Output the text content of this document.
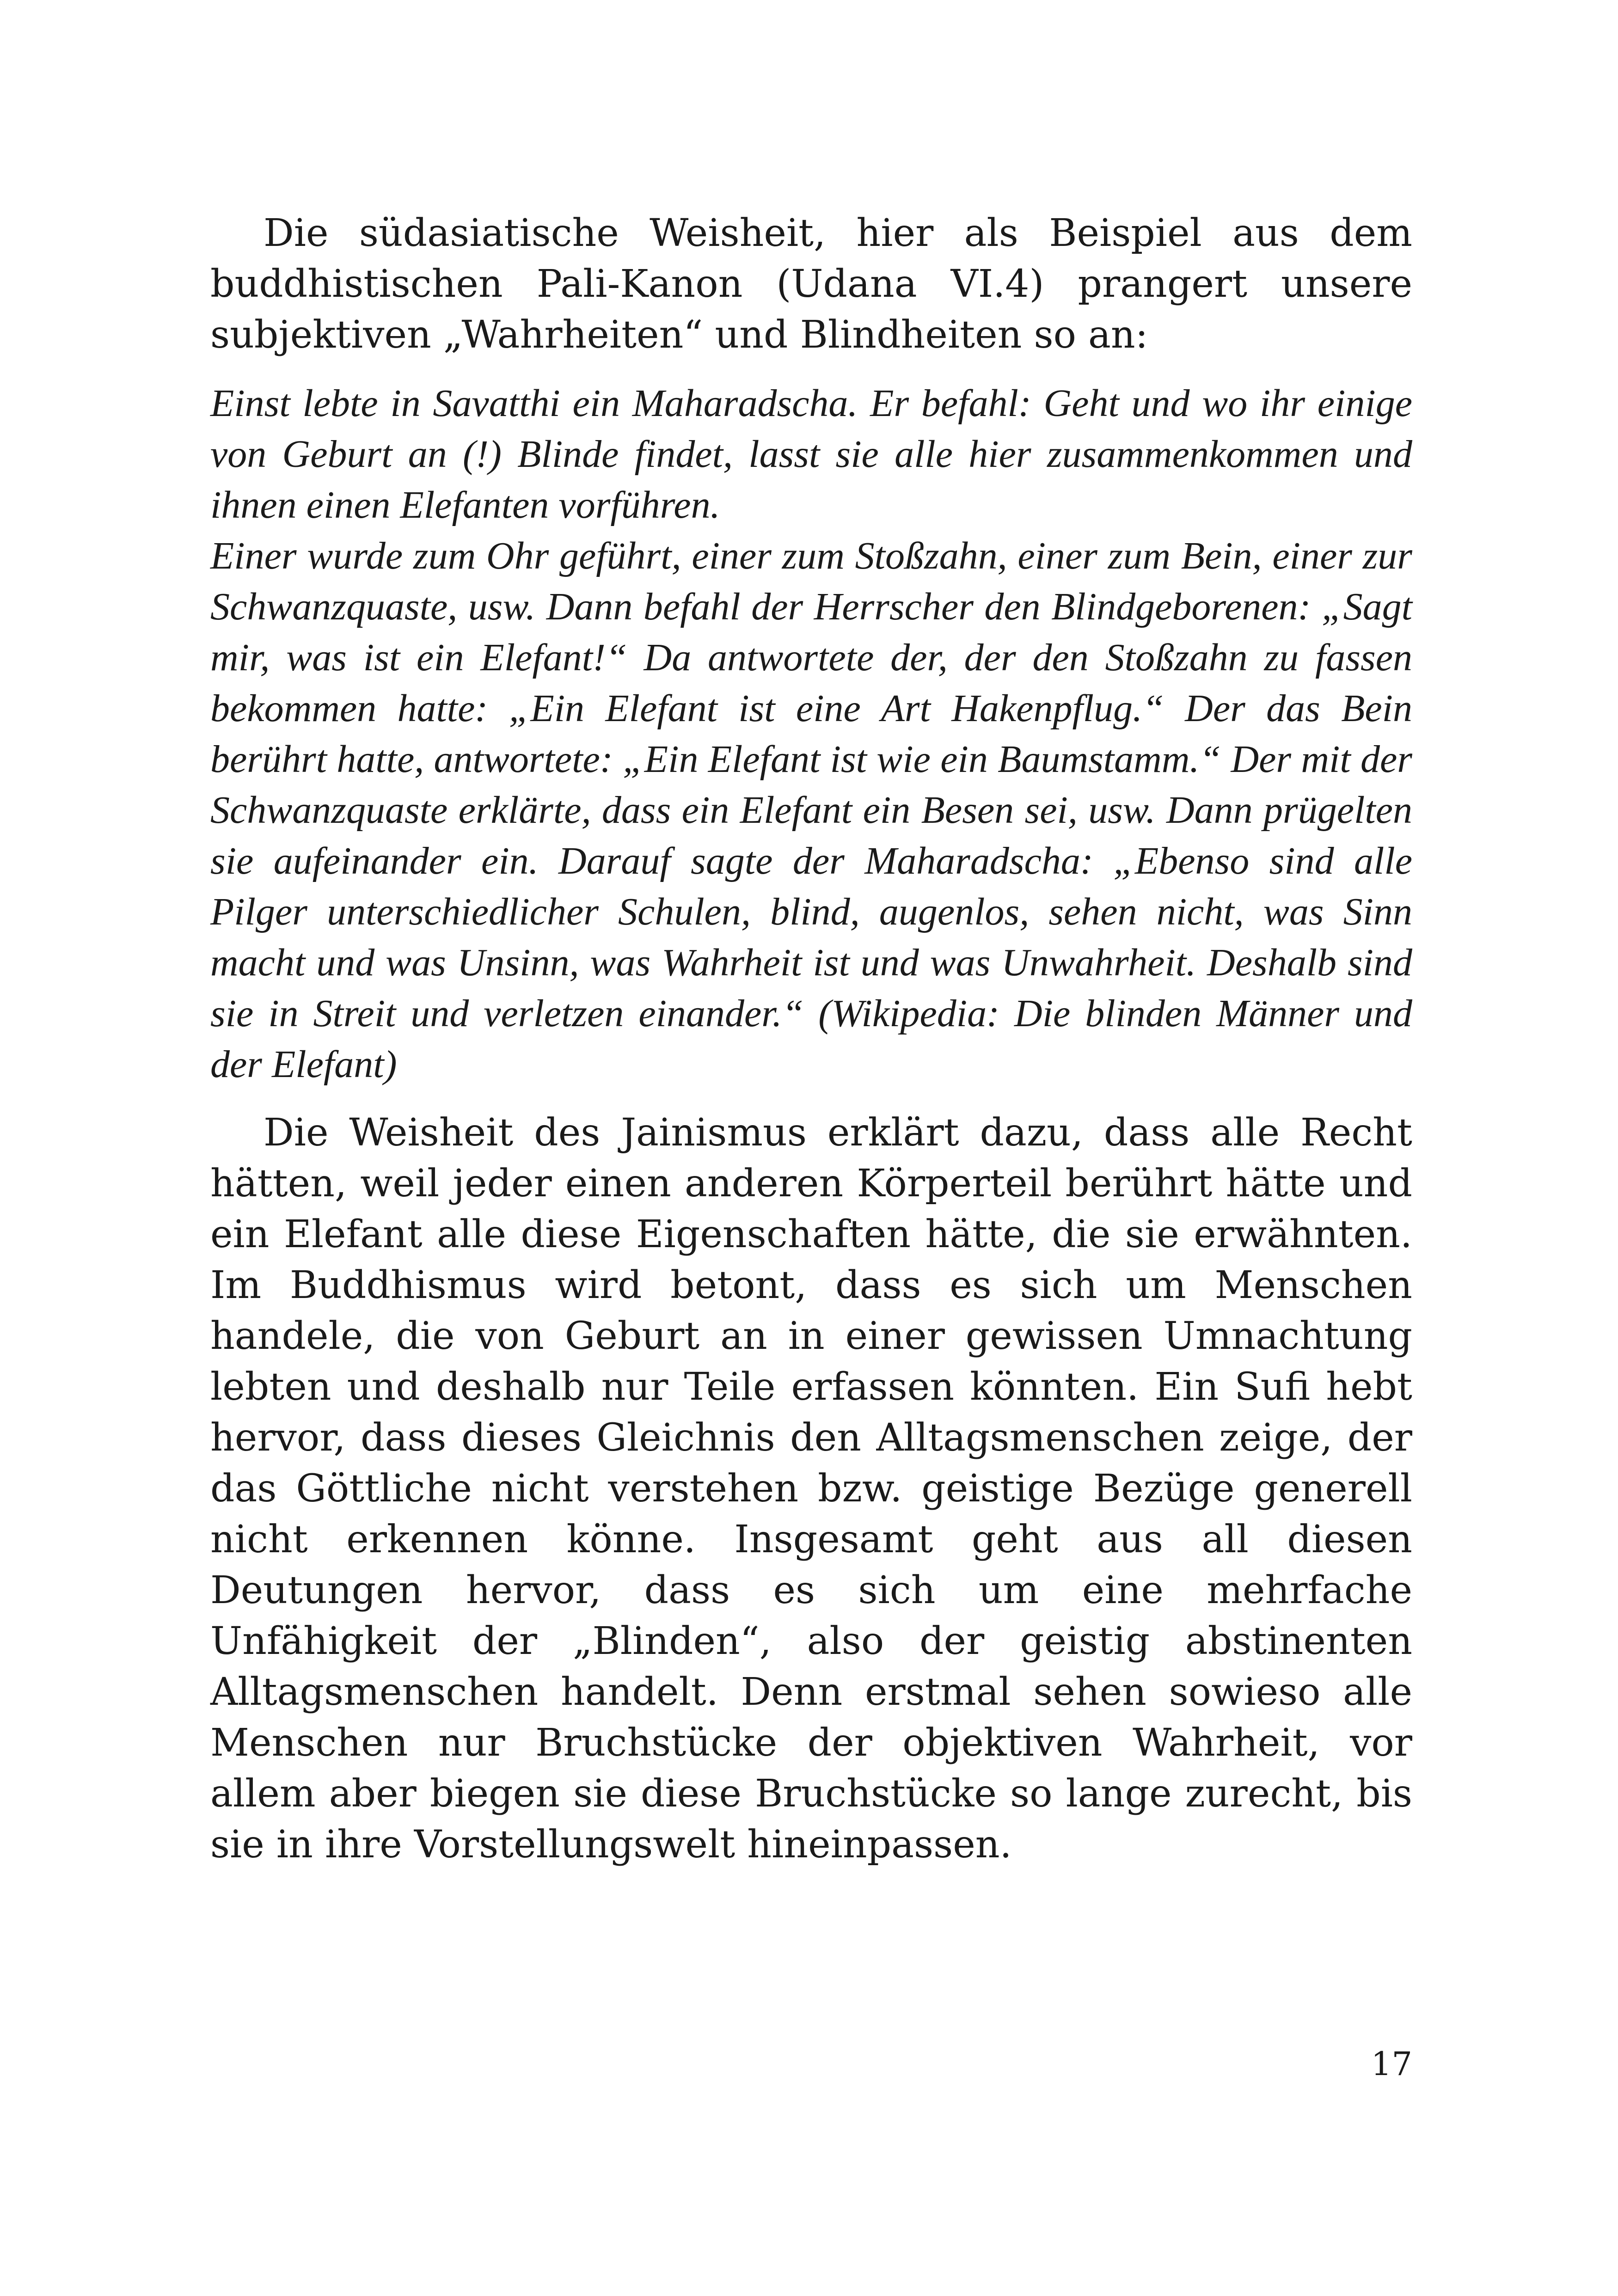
Die südasiatische Weisheit, hier als Beispiel aus dem buddhistischen Pali-Kanon (Udana VI.4) prangert unsere subjektiven „Wahrheiten“ und Blindheiten so an:

Einst lebte in Savatthi ein Maharadscha. Er befahl: Geht und wo ihr einige von Geburt an (!) Blinde findet, lasst sie alle hier zusammenkommen und ihnen einen Elefanten vorführen.

Einer wurde zum Ohr geführt, einer zum Stoßzahn, einer zum Bein, einer zur Schwanzquaste, usw. Dann befahl der Herrscher den Blindgeborenen: „Sagt mir, was ist ein Elefant!“ Da antwortete der, der den Stoßzahn zu fassen bekommen hatte: „Ein Elefant ist eine Art Hakenpflug.“ Der das Bein berührt hatte, antwortete: „Ein Elefant ist wie ein Baumstamm.“ Der mit der Schwanzquaste erklärte, dass ein Elefant ein Besen sei, usw. Dann prügelten sie aufeinander ein. Darauf sagte der Maharadscha: „Ebenso sind alle Pilger unterschiedlicher Schulen, blind, augenlos, sehen nicht, was Sinn macht und was Unsinn, was Wahrheit ist und was Unwahrheit. Deshalb sind sie in Streit und verletzen einander.“ (Wikipedia: Die blinden Männer und der Elefant)

Die Weisheit des Jainismus erklärt dazu, dass alle Recht hätten, weil jeder einen anderen Körperteil berührt hätte und ein Elefant alle diese Eigenschaften hätte, die sie erwähnten. Im Buddhismus wird betont, dass es sich um Menschen handele, die von Geburt an in einer gewissen Umnachtung lebten und deshalb nur Teile erfassen könnten. Ein Sufi hebt hervor, dass dieses Gleichnis den Alltagsmenschen zeige, der das Göttliche nicht verstehen bzw. geistige Bezüge generell nicht erkennen könne. Insgesamt geht aus all diesen Deutungen hervor, dass es sich um eine mehrfache Unfähigkeit der „Blinden“, also der geistig abstinenten Alltagsmenschen handelt. Denn erstmal sehen sowieso alle Menschen nur Bruchstücke der objektiven Wahrheit, vor allem aber biegen sie diese Bruchstücke so lange zurecht, bis sie in ihre Vorstellungswelt hineinpassen.

17
